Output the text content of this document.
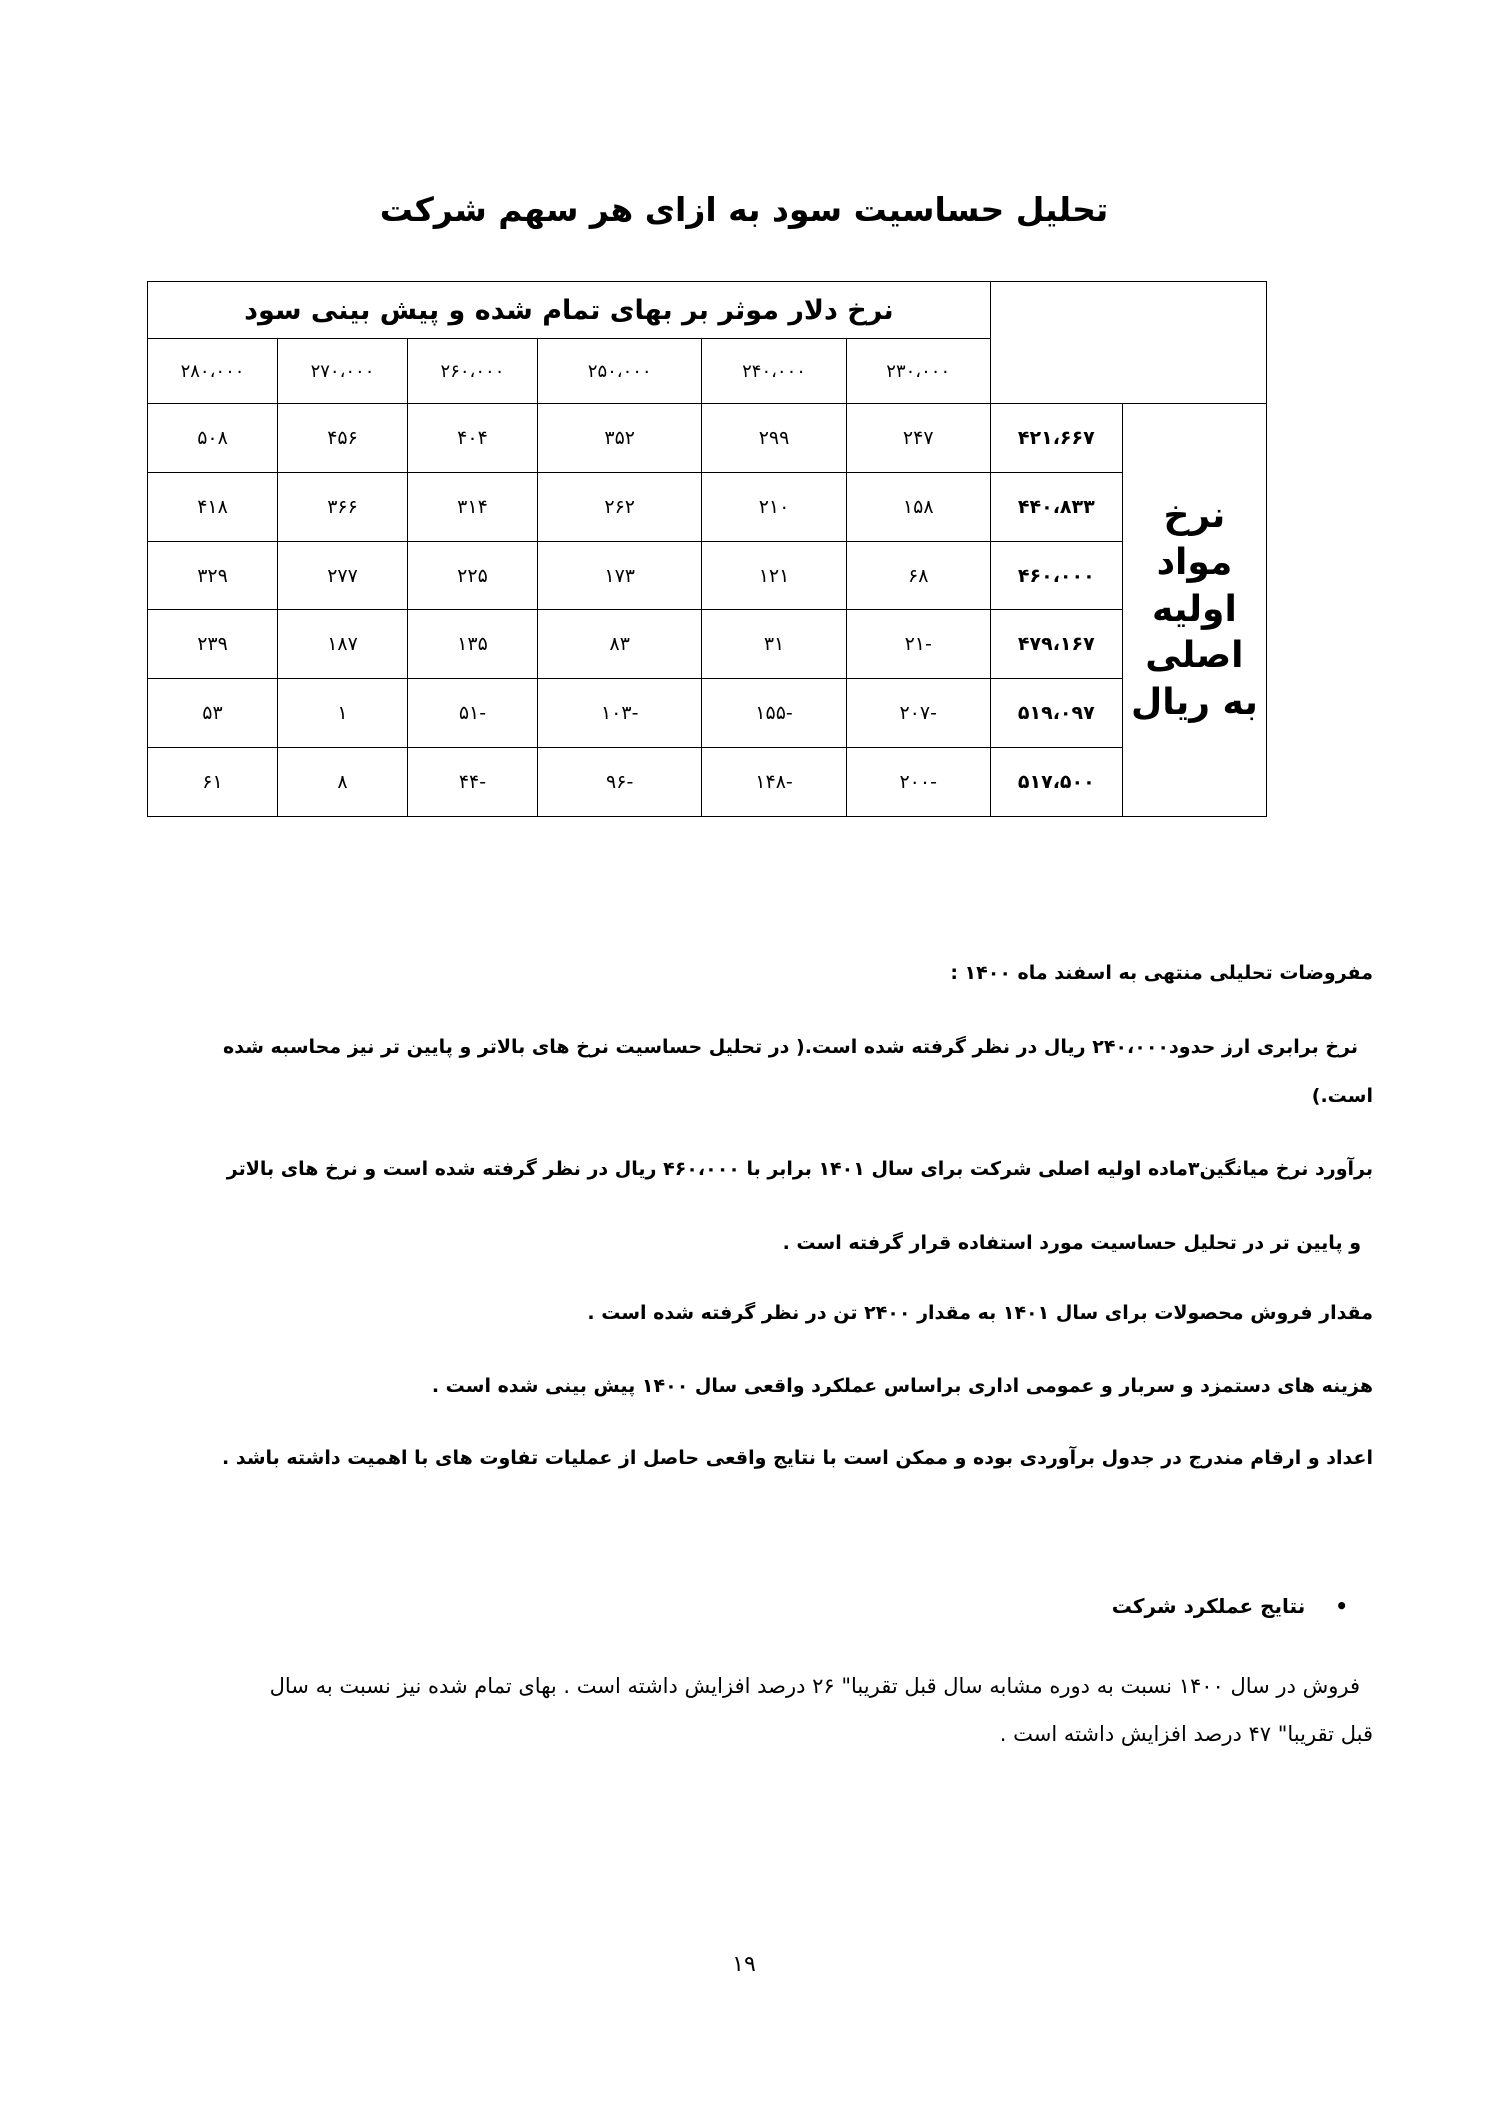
تحلیل حساسیت سود به ازای هر سهم شرکت
		نرخ دلار موثر بر بهای تمام شده و پیش بینی سود					
		۲۳۰،۰۰۰	۲۴۰،۰۰۰	۲۵۰،۰۰۰	۲۶۰،۰۰۰	۲۷۰،۰۰۰	۲۸۰،۰۰۰

نرخ
مواد
اولیه
اصلی
به ریال	۴۲۱،۶۶۷	۲۴۷	۲۹۹	۳۵۲	۴۰۴	۴۵۶	۵۰۸
	۴۴۰،۸۳۳	۱۵۸	۲۱۰	۲۶۲	۳۱۴	۳۶۶	۴۱۸
	۴۶۰،۰۰۰	۶۸	۱۲۱	۱۷۳	۲۲۵	۲۷۷	۳۲۹
	۴۷۹،۱۶۷	-۲۱	۳۱	۸۳	۱۳۵	۱۸۷	۲۳۹
	۵۱۹،۰۹۷	-۲۰۷	-۱۵۵	-۱۰۳	-۵۱	۱	۵۳
	۵۱۷،۵۰۰	-۲۰۰	-۱۴۸	-۹۶	-۴۴	۸	۶۱
مفروضات تحلیلی منتهی به اسفند ماه ۱۴۰۰ :
نرخ برابری ارز حدود۲۴۰،۰۰۰ ریال در نظر گرفته شده است.( در تحلیل حساسیت نرخ های بالاتر و پایین تر نیز محاسبه شده
است.)
برآورد نرخ میانگین۳ماده اولیه اصلی شرکت برای سال ۱۴۰۱ برابر با ۴۶۰،۰۰۰ ریال در نظر گرفته شده است و نرخ های بالاتر
و پایین تر در تحلیل حساسیت مورد استفاده قرار گرفته است .
مقدار فروش محصولات برای سال ۱۴۰۱ به مقدار ۲۴۰۰ تن در نظر گرفته شده است .
هزینه های دستمزد و سربار و عمومی اداری براساس عملکرد واقعی سال ۱۴۰۰ پیش بینی شده است .
اعداد و ارقام مندرج در جدول برآوردی بوده و ممکن است با نتایج واقعی حاصل از عملیات تفاوت های با اهمیت داشته باشد .
•نتایج عملکرد شرکت
فروش در سال ۱۴۰۰ نسبت به دوره مشابه سال قبل تقریبا" ۲۶ درصد افزایش داشته است . بهای تمام شده نیز نسبت به سال
قبل تقریبا" ۴۷ درصد افزایش داشته است .
۱۹
